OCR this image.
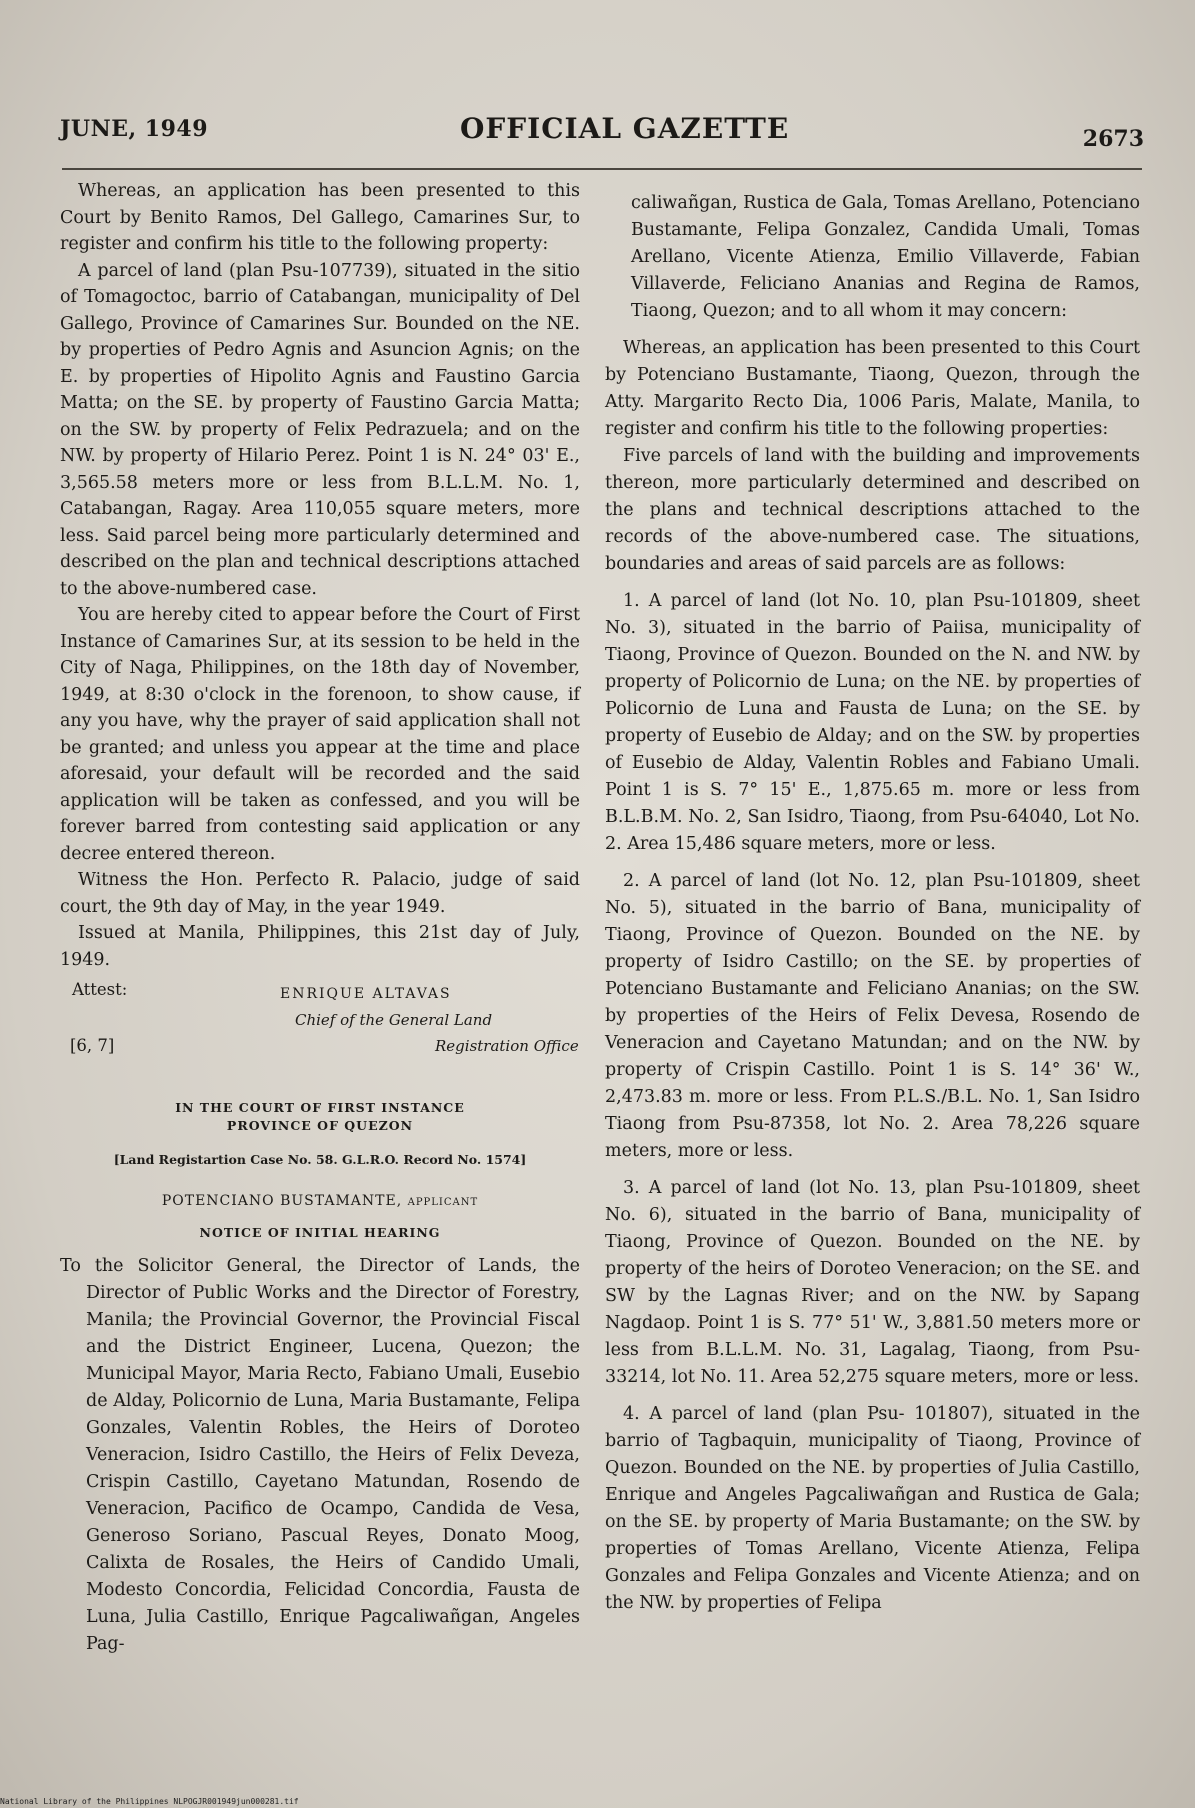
JUNE, 1949	OFFICIAL GAZETTE	2673

Whereas, an application has been presented to this Court by Benito Ramos, Del Gallego, Camarines Sur, to register and confirm his title to the following property:

A parcel of land (plan Psu-107739), situated in the sitio of Tomagoctoc, barrio of Catabangan, municipality of Del Gallego, Province of Camarines Sur. Bounded on the NE. by properties of Pedro Agnis and Asuncion Agnis; on the E. by properties of Hipolito Agnis and Faustino Garcia Matta; on the SE. by property of Faustino Garcia Matta; on the SW. by property of Felix Pedrazuela; and on the NW. by property of Hilario Perez. Point 1 is N. 24° 03' E., 3,565.58 meters more or less from B.L.L.M. No. 1, Catabangan, Ragay. Area 110,055 square meters, more less. Said parcel being more particularly determined and described on the plan and technical descriptions attached to the above-numbered case.

You are hereby cited to appear before the Court of First Instance of Camarines Sur, at its session to be held in the City of Naga, Philippines, on the 18th day of November, 1949, at 8:30 o'clock in the forenoon, to show cause, if any you have, why the prayer of said application shall not be granted; and unless you appear at the time and place aforesaid, your default will be recorded and the said application will be taken as confessed, and you will be forever barred from contesting said application or any decree entered thereon.

Witness the Hon. Perfecto R. Palacio, judge of said court, the 9th day of May, in the year 1949.

Issued at Manila, Philippines, this 21st day of July, 1949.

Attest:	ENRIQUE ALTAVAS
Chief of the General Land
[6, 7]	Registration Office
IN THE COURT OF FIRST INSTANCE
PROVINCE OF QUEZON
[Land Registartion Case No. 58. G.L.R.O. Record No. 1574]
POTENCIANO BUSTAMANTE, applicant
NOTICE OF INITIAL HEARING

To the Solicitor General, the Director of Lands, the Director of Public Works and the Director of Forestry, Manila; the Provincial Governor, the Provincial Fiscal and the District Engineer, Lucena, Quezon; the Municipal Mayor, Maria Recto, Fabiano Umali, Eusebio de Alday, Policornio de Luna, Maria Bustamante, Felipa Gonzales, Valentin Robles, the Heirs of Doroteo Veneracion, Isidro Castillo, the Heirs of Felix Deveza, Crispin Castillo, Cayetano Matundan, Rosendo de Veneracion, Pacifico de Ocampo, Candida de Vesa, Generoso Soriano, Pascual Reyes, Donato Moog, Calixta de Rosales, the Heirs of Candido Umali, Modesto Concordia, Felicidad Concordia, Fausta de Luna, Julia Castillo, Enrique Pagcaliwañgan, Angeles Pag-

caliwañgan, Rustica de Gala, Tomas Arellano, Potenciano Bustamante, Felipa Gonzalez, Candida Umali, Tomas Arellano, Vicente Atienza, Emilio Villaverde, Fabian Villaverde, Feliciano Ananias and Regina de Ramos, Tiaong, Quezon; and to all whom it may concern:

Whereas, an application has been presented to this Court by Potenciano Bustamante, Tiaong, Quezon, through the Atty. Margarito Recto Dia, 1006 Paris, Malate, Manila, to register and confirm his title to the following properties:

Five parcels of land with the building and improvements thereon, more particularly determined and described on the plans and technical descriptions attached to the records of the above-numbered case. The situations, boundaries and areas of said parcels are as follows:

1. A parcel of land (lot No. 10, plan Psu-101809, sheet No. 3), situated in the barrio of Paiisa, municipality of Tiaong, Province of Quezon. Bounded on the N. and NW. by property of Policornio de Luna; on the NE. by properties of Policornio de Luna and Fausta de Luna; on the SE. by property of Eusebio de Alday; and on the SW. by properties of Eusebio de Alday, Valentin Robles and Fabiano Umali. Point 1 is S. 7° 15' E., 1,875.65 m. more or less from B.L.B.M. No. 2, San Isidro, Tiaong, from Psu-64040, Lot No. 2. Area 15,486 square meters, more or less.

2. A parcel of land (lot No. 12, plan Psu-101809, sheet No. 5), situated in the barrio of Bana, municipality of Tiaong, Province of Quezon. Bounded on the NE. by property of Isidro Castillo; on the SE. by properties of Potenciano Bustamante and Feliciano Ananias; on the SW. by properties of the Heirs of Felix Devesa, Rosendo de Veneracion and Cayetano Matundan; and on the NW. by property of Crispin Castillo. Point 1 is S. 14° 36' W., 2,473.83 m. more or less. From P.L.S./B.L. No. 1, San Isidro Tiaong from Psu-87358, lot No. 2. Area 78,226 square meters, more or less.

3. A parcel of land (lot No. 13, plan Psu-101809, sheet No. 6), situated in the barrio of Bana, municipality of Tiaong, Province of Quezon. Bounded on the NE. by property of the heirs of Doroteo Veneracion; on the SE. and SW by the Lagnas River; and on the NW. by Sapang Nagdaop. Point 1 is S. 77° 51' W., 3,881.50 meters more or less from B.L.L.M. No. 31, Lagalag, Tiaong, from Psu-33214, lot No. 11. Area 52,275 square meters, more or less.

4. A parcel of land (plan Psu- 101807), situated in the barrio of Tagbaquin, municipality of Tiaong, Province of Quezon. Bounded on the NE. by properties of Julia Castillo, Enrique and Angeles Pagcaliwañgan and Rustica de Gala; on the SE. by property of Maria Bustamante; on the SW. by properties of Tomas Arellano, Vicente Atienza, Felipa Gonzales and Felipa Gonzales and Vicente Atienza; and on the NW. by properties of Felipa

National Library of the Philippines NLPOGJR001949jun000281.tif
